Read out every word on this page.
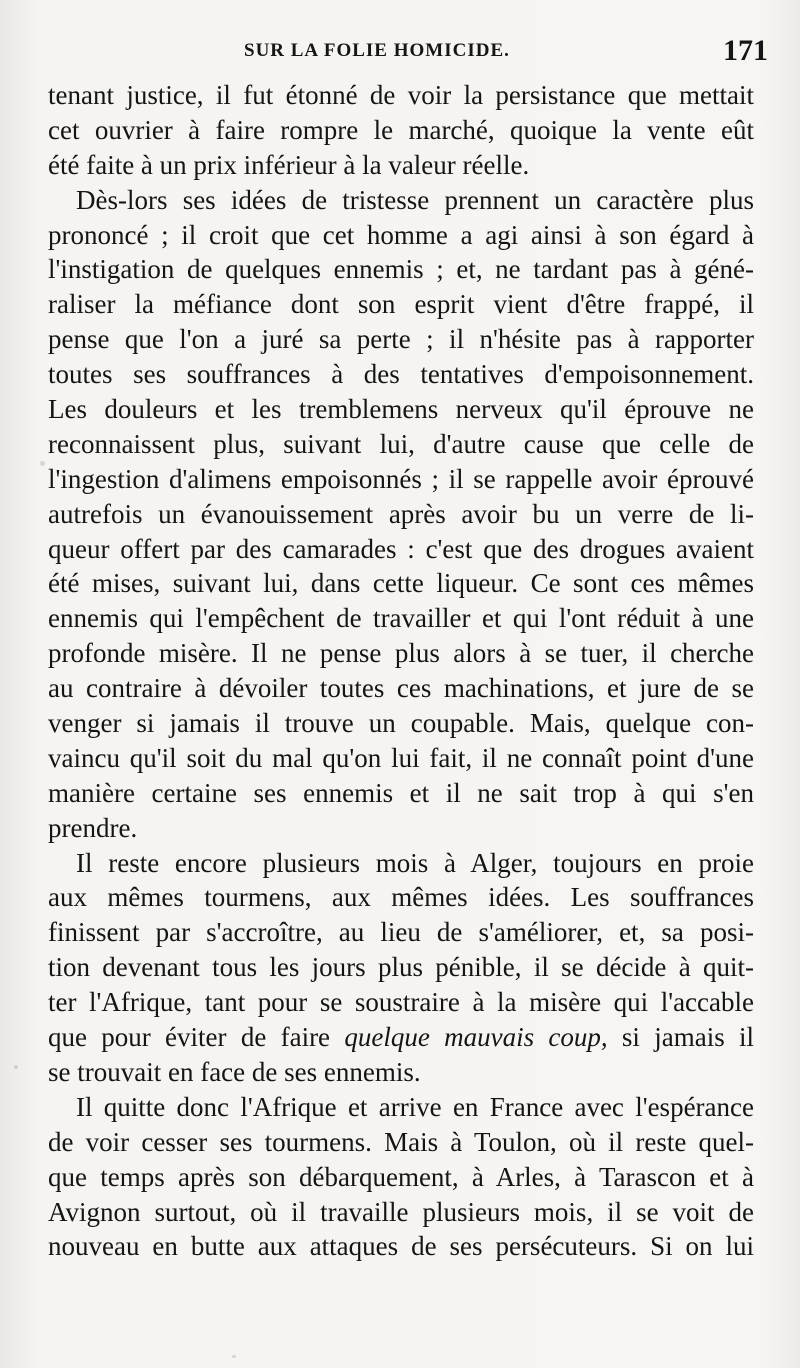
SUR LA FOLIE HOMICIDE.	171
tenant justice, il fut étonné de voir la persistance que mettait
cet ouvrier à faire rompre le marché, quoique la vente eût
été faite à un prix inférieur à la valeur réelle.
Dès-lors ses idées de tristesse prennent un caractère plus
prononcé ; il croit que cet homme a agi ainsi à son égard à
l'instigation de quelques ennemis ; et, ne tardant pas à géné-
raliser la méfiance dont son esprit vient d'être frappé, il
pense que l'on a juré sa perte ; il n'hésite pas à rapporter
toutes ses souffrances à des tentatives d'empoisonnement.
Les douleurs et les tremblemens nerveux qu'il éprouve ne
reconnaissent plus, suivant lui, d'autre cause que celle de
l'ingestion d'alimens empoisonnés ; il se rappelle avoir éprouvé
autrefois un évanouissement après avoir bu un verre de li-
queur offert par des camarades : c'est que des drogues avaient
été mises, suivant lui, dans cette liqueur. Ce sont ces mêmes
ennemis qui l'empêchent de travailler et qui l'ont réduit à une
profonde misère. Il ne pense plus alors à se tuer, il cherche
au contraire à dévoiler toutes ces machinations, et jure de se
venger si jamais il trouve un coupable. Mais, quelque con-
vaincu qu'il soit du mal qu'on lui fait, il ne connaît point d'une
manière certaine ses ennemis et il ne sait trop à qui s'en
prendre.
Il reste encore plusieurs mois à Alger, toujours en proie
aux mêmes tourmens, aux mêmes idées. Les souffrances
finissent par s'accroître, au lieu de s'améliorer, et, sa posi-
tion devenant tous les jours plus pénible, il se décide à quit-
ter l'Afrique, tant pour se soustraire à la misère qui l'accable
que pour éviter de faire quelque mauvais coup, si jamais il
se trouvait en face de ses ennemis.
Il quitte donc l'Afrique et arrive en France avec l'espérance
de voir cesser ses tourmens. Mais à Toulon, où il reste quel-
que temps après son débarquement, à Arles, à Tarascon et à
Avignon surtout, où il travaille plusieurs mois, il se voit de
nouveau en butte aux attaques de ses persécuteurs. Si on lui
